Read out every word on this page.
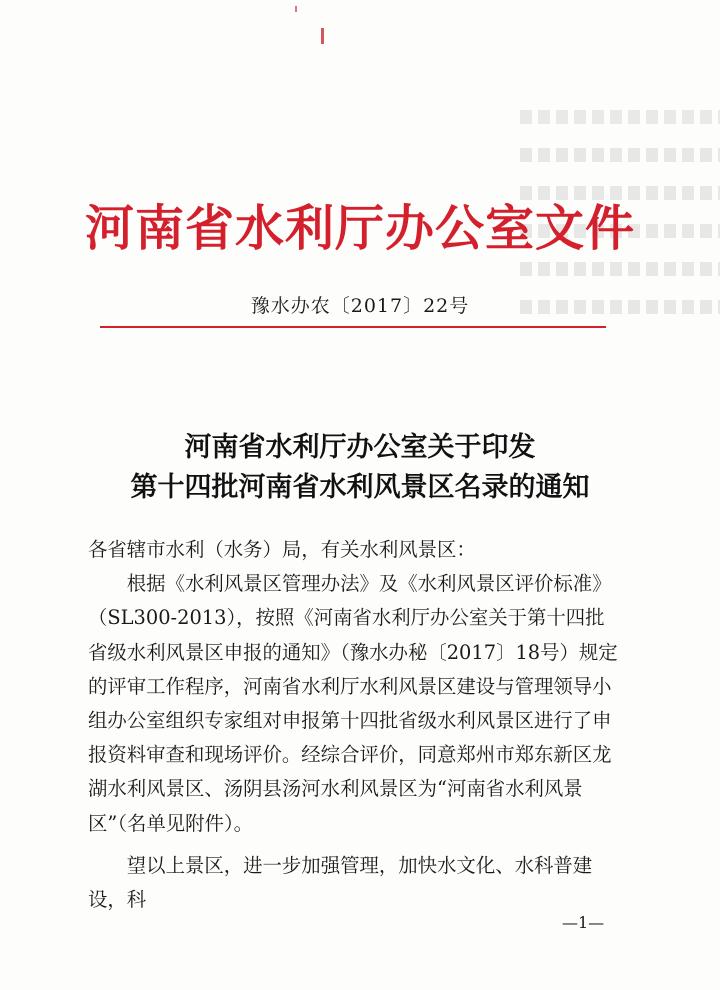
河南省水利厅办公室文件
豫水办农〔2017〕22号
河南省水利厅办公室关于印发
第十四批河南省水利风景区名录的通知

各省辖市水利（水务）局，有关水利风景区：

根据《水利风景区管理办法》及《水利风景区评价标准》（SL300-2013），按照《河南省水利厅办公室关于第十四批省级水利风景区申报的通知》（豫水办秘〔2017〕18号）规定的评审工作程序，河南省水利厅水利风景区建设与管理领导小组办公室组织专家组对申报第十四批省级水利风景区进行了申报资料审查和现场评价。经综合评价，同意郑州市郑东新区龙湖水利风景区、汤阴县汤河水利风景区为“河南省水利风景区”（名单见附件）。

望以上景区，进一步加强管理，加快水文化、水科普建设，科

—1—
